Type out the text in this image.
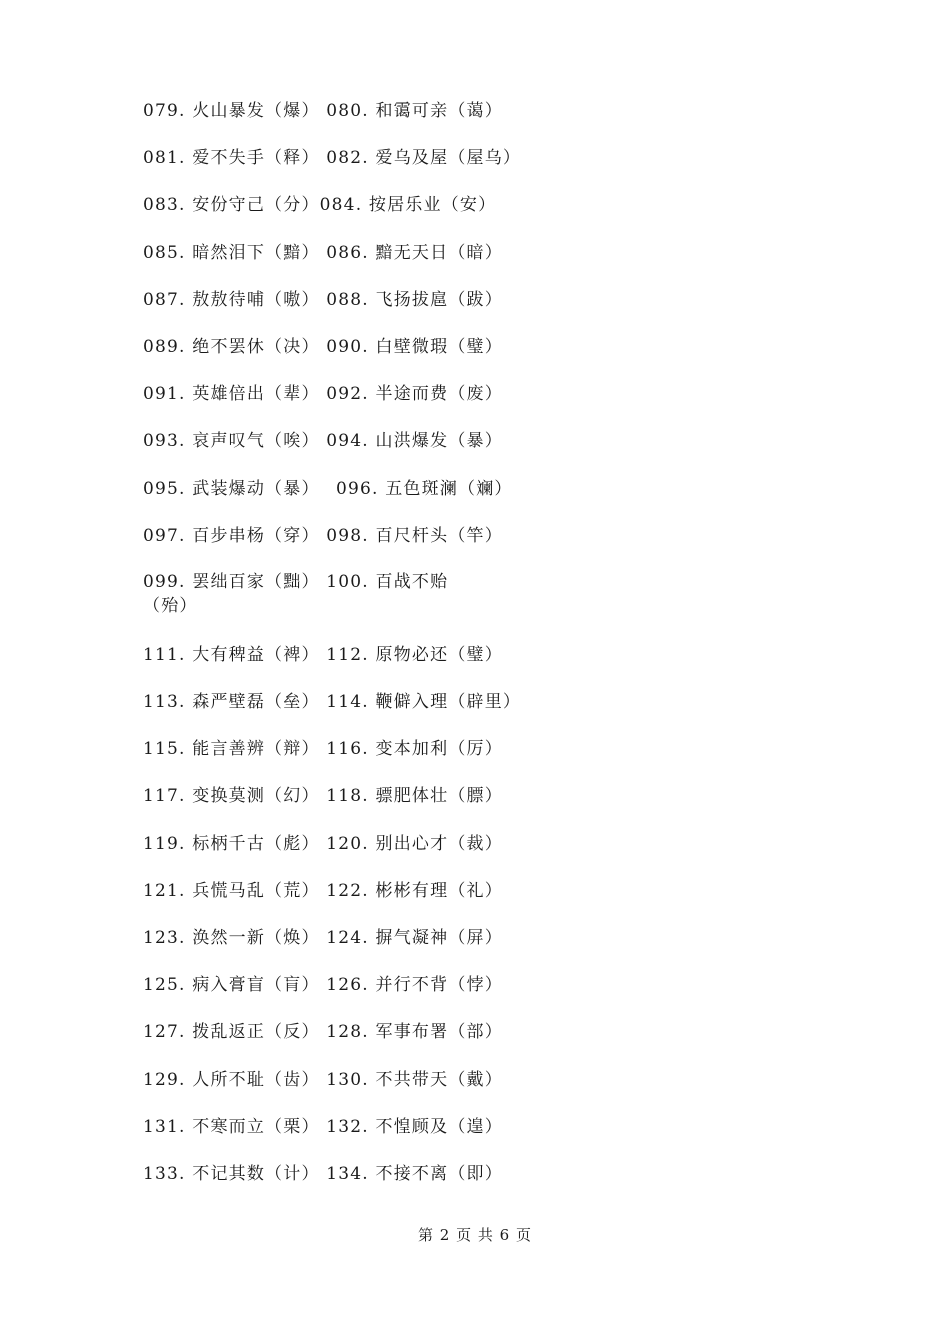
079. 火山暴发（爆） 080. 和霭可亲（蔼）
081. 爱不失手（释） 082. 爱乌及屋（屋乌）
083. 安份守己（分）084. 按居乐业（安）
085. 暗然泪下（黯） 086. 黯无天日（暗）
087. 敖敖待哺（嗷） 088. 飞扬拔扈（跋）
089. 绝不罢休（决） 090. 白壁微瑕（璧）
091. 英雄倍出（辈） 092. 半途而费（废）
093. 哀声叹气（唉） 094. 山洪爆发（暴）
095. 武装爆动（暴）　 096. 五色斑澜（斓）
097. 百步串杨（穿） 098. 百尺杆头（竿）
099. 罢绌百家（黜） 100. 百战不贻（殆）
111. 大有稗益（裨） 112. 原物必还（璧）
113. 森严壁磊（垒） 114. 鞭僻入理（辟里）
115. 能言善辨（辩） 116. 变本加利（厉）
117. 变换莫测（幻） 118. 骠肥体壮（膘）
119. 标柄千古（彪） 120. 别出心才（裁）
121. 兵慌马乱（荒） 122. 彬彬有理（礼）
123. 涣然一新（焕） 124. 摒气凝神（屏）
125. 病入膏盲（肓） 126. 并行不背（悖）
127. 拨乱返正（反） 128. 军事布署（部）
129. 人所不耻（齿） 130. 不共带天（戴）
131. 不寒而立（栗） 132. 不惶顾及（遑）
133. 不记其数（计） 134. 不接不离（即）
第 2 页 共 6 页
